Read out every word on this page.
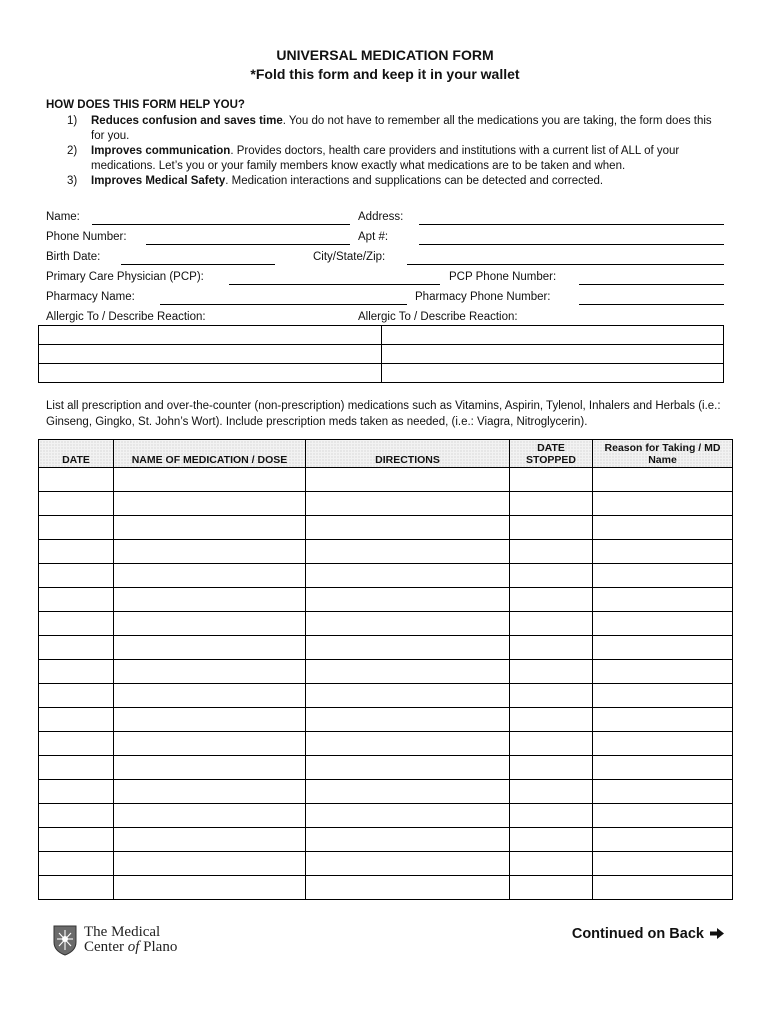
UNIVERSAL MEDICATION FORM
*Fold this form and keep it in your wallet
HOW DOES THIS FORM HELP YOU?
1)	Reduces confusion and saves time. You do not have to remember all the medications you are taking, the form does this for you.
2)	Improves communication. Provides doctors, health care providers and institutions with a current list of ALL of your medications. Let’s you or your family members know exactly what medications are to be taken and when.
3)	Improves Medical Safety. Medication interactions and supplications can be detected and corrected.
Name:	Address:
Phone Number:	Apt #:
Birth Date:	City/State/Zip:
Primary Care Physician (PCP):	PCP Phone Number:
Pharmacy Name:	Pharmacy Phone Number:
Allergic To / Describe Reaction:	Allergic To / Describe Reaction:

List all prescription and over-the-counter (non-prescription) medications such as Vitamins, Aspirin, Tylenol, Inhalers and Herbals (i.e.: Ginseng, Gingko, St. John’s Wort). Include prescription meds taken as needed, (i.e.: Viagra, Nitroglycerin).
DATE	NAME OF MEDICATION / DOSE	DIRECTIONS	DATE STOPPED	Reason for Taking / MD Name

The Medical
Center of Plano
Continued on Back
